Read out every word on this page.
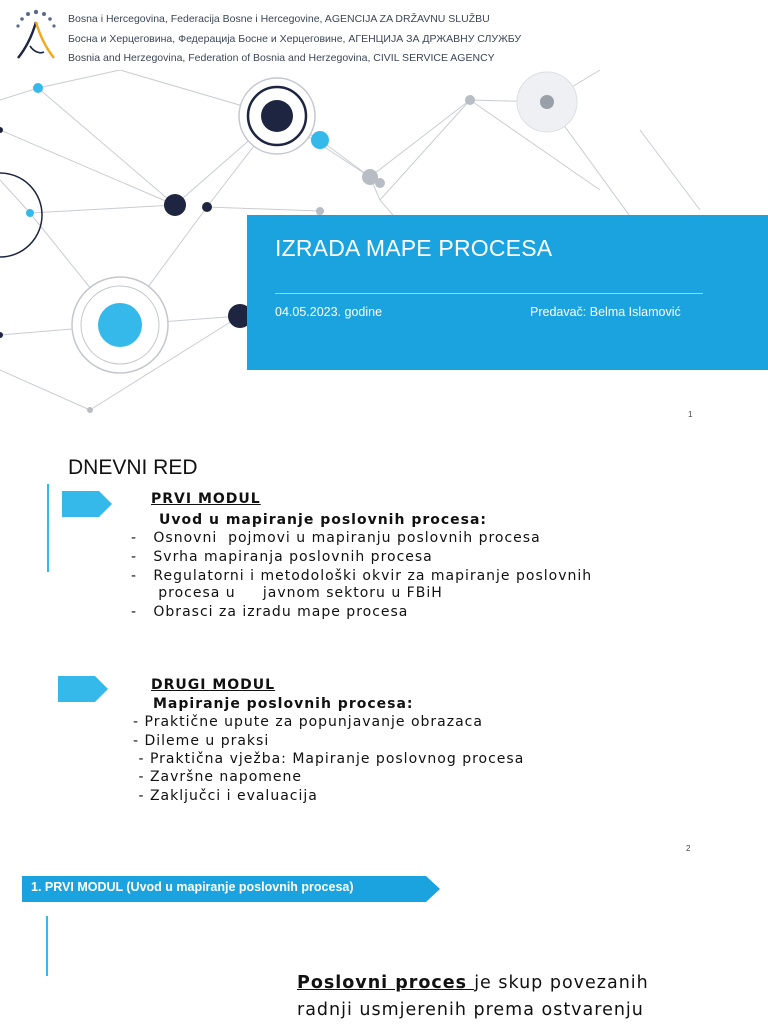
Bosna i Hercegovina, Federacija Bosne i Hercegovine, AGENCIJA ZA DRŽAVNU SLUŽBU
Босна и Херцеговина, Федерација Босне и Херцеговине, АГЕНЦИЈА ЗА ДРЖАВНУ СЛУЖБУ
Bosnia and Herzegovina, Federation of Bosnia and Herzegovina, CIVIL SERVICE AGENCY
IZRADA MAPE PROCESA
04.05.2023. godine	Predavač: Belma Islamović
1
DNEVNI RED
PRVI MODUL
Uvod u mapiranje poslovnih procesa:
-   Osnovni  pojmovi u mapiranju poslovnih procesa
-   Svrha mapiranja poslovnih procesa
-   Regulatorni i metodološki okvir za mapiranje poslovnih
procesa u     javnom sektoru u FBiH
-   Obrasci za izradu mape procesa
DRUGI MODUL
Mapiranje poslovnih procesa:
- Praktične upute za popunjavanje obrazaca
- Dileme u praksi
- Praktična vježba: Mapiranje poslovnog procesa
- Završne napomene
- Zaključci i evaluacija
2
1. PRVI MODUL (Uvod u mapiranje poslovnih procesa)
Poslovni proces je skup povezanih
radnji usmjerenih prema ostvarenju
